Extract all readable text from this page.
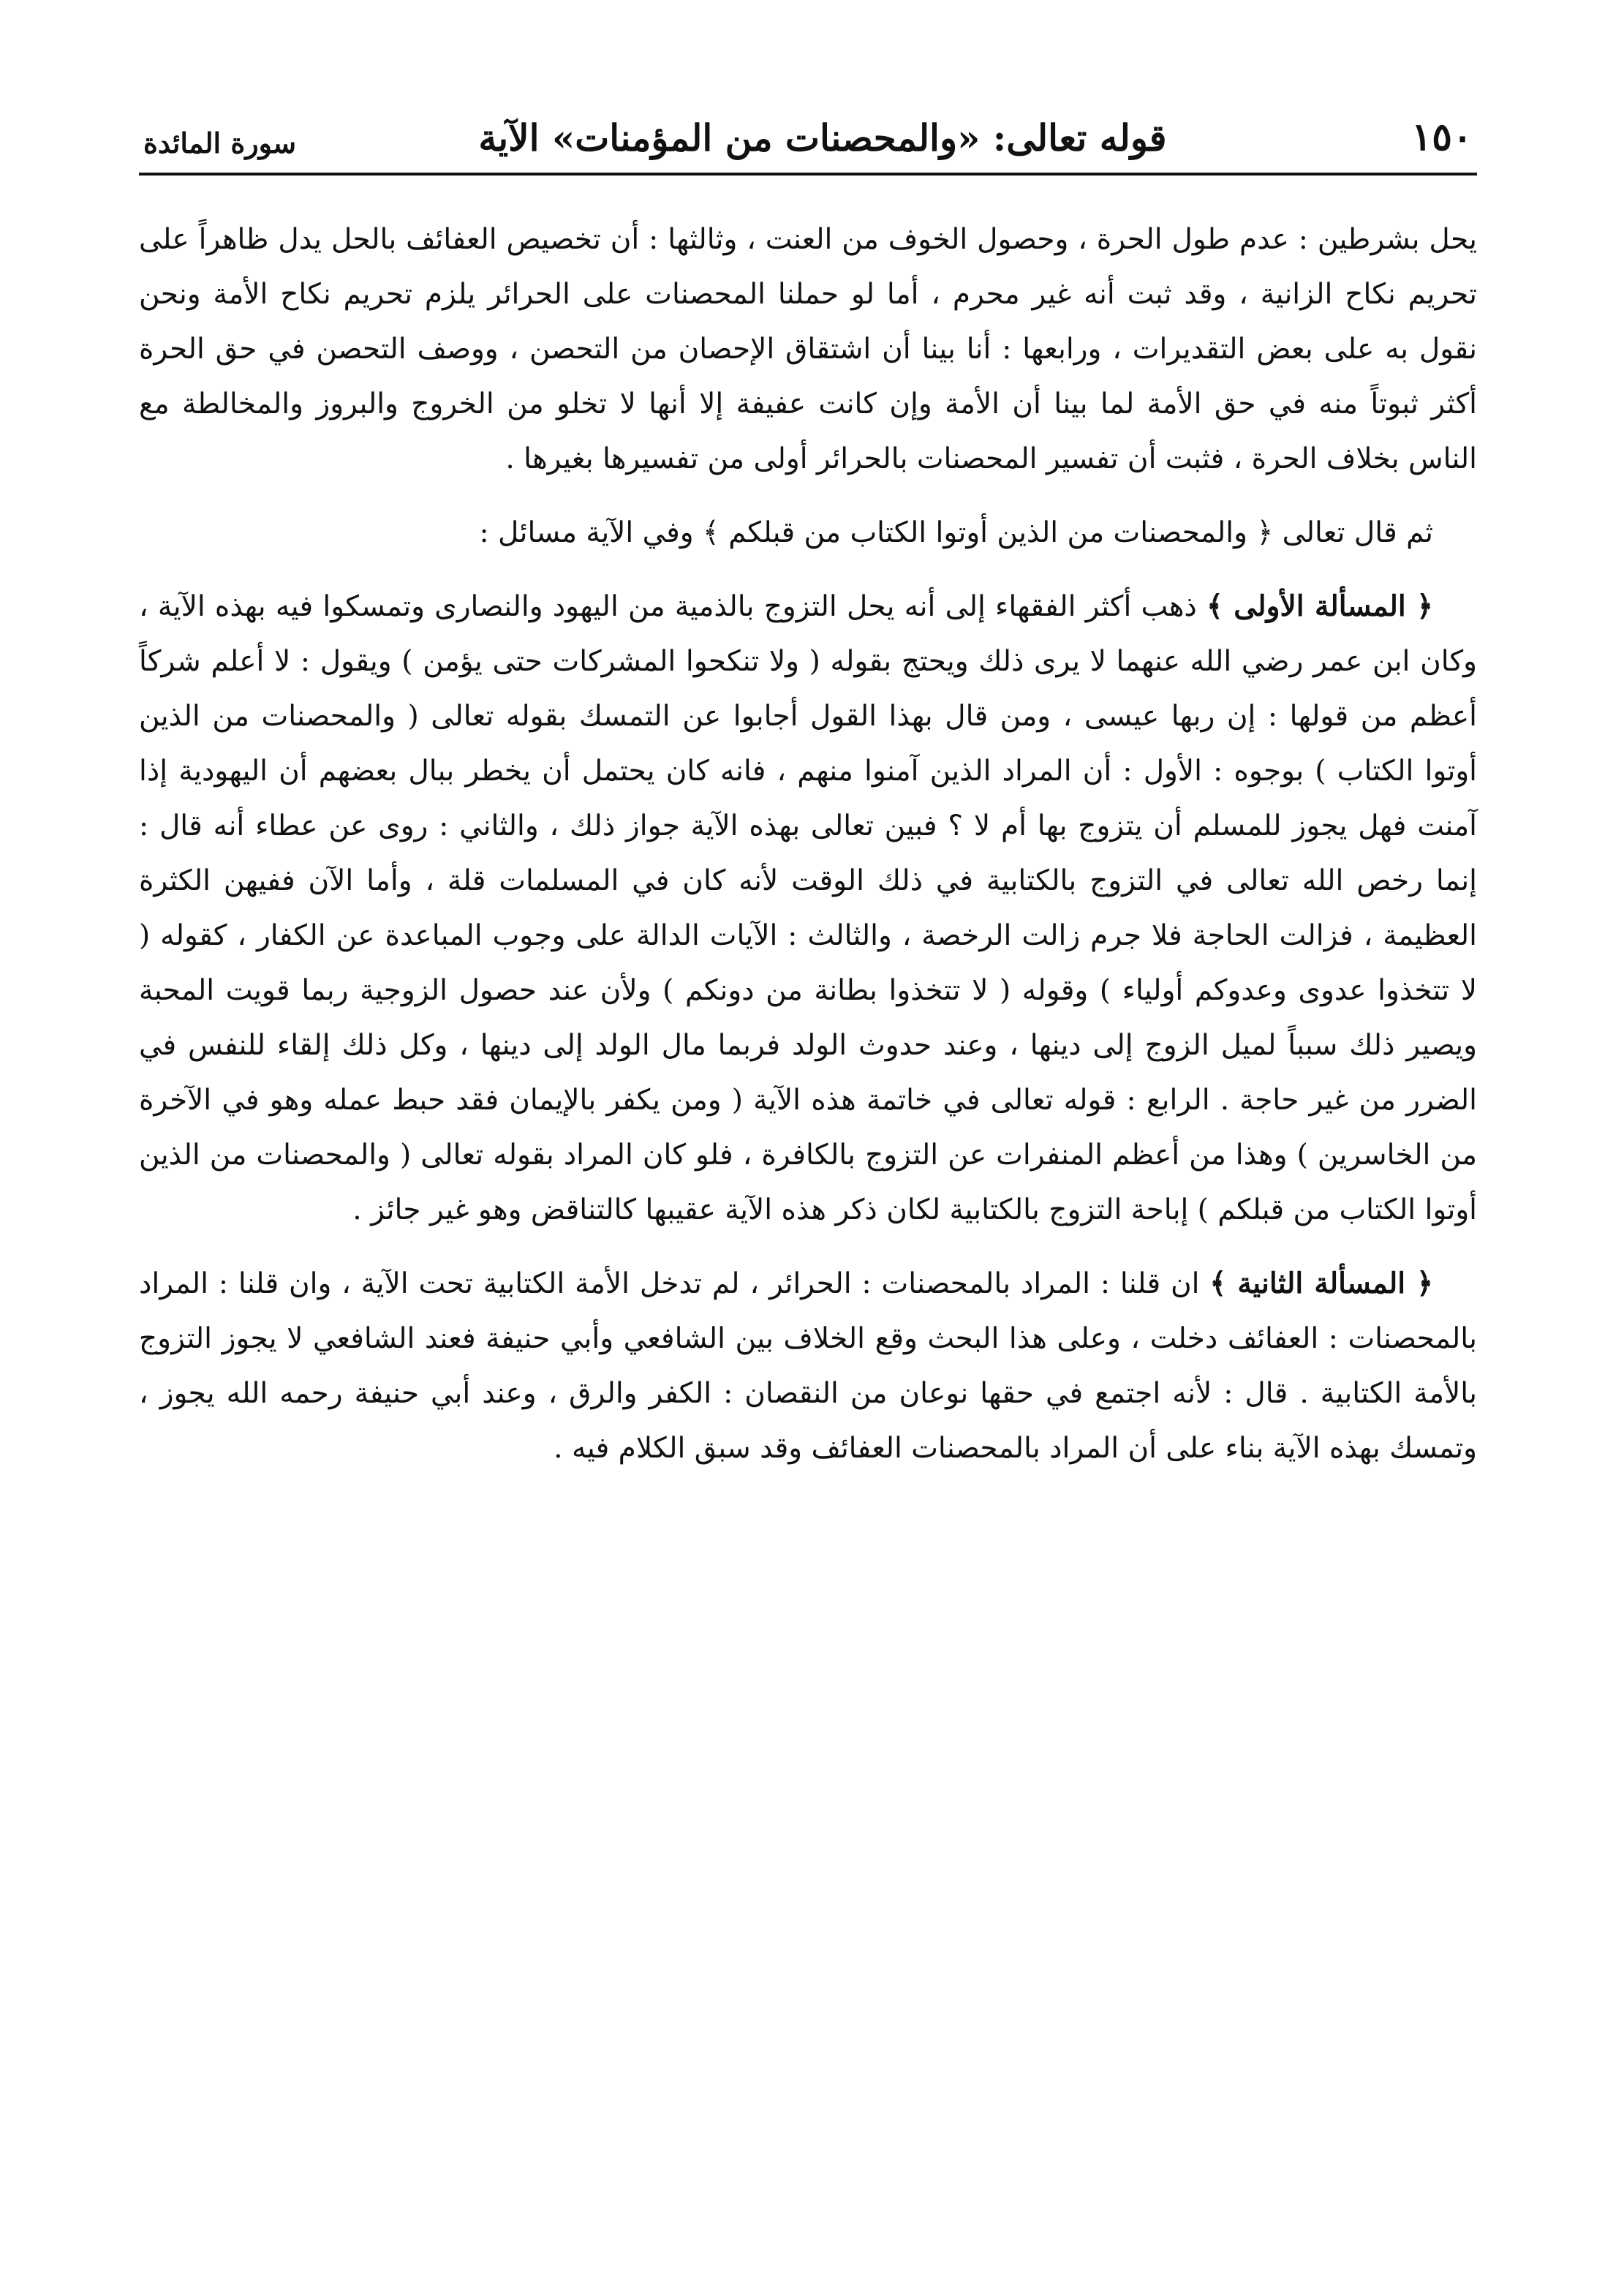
١٥٠
قوله تعالى: «والمحصنات من المؤمنات» الآية
سورة المائدة

يحل بشرطين : عدم طول الحرة ، وحصول الخوف من العنت ، وثالثها : أن تخصيص العفائف بالحل يدل ظاهراً على تحريم نكاح الزانية ، وقد ثبت أنه غير محرم ، أما لو حملنا المحصنات على الحرائر يلزم تحريم نكاح الأمة ونحن نقول به على بعض التقديرات ، ورابعها : أنا بينا أن اشتقاق الإحصان من التحصن ، ووصف التحصن في حق الحرة أكثر ثبوتاً منه في حق الأمة لما بينا أن الأمة وإن كانت عفيفة إلا أنها لا تخلو من الخروج والبروز والمخالطة مع الناس بخلاف الحرة ، فثبت أن تفسير المحصنات بالحرائر أولى من تفسيرها بغيرها .

ثم قال تعالى ﴿ والمحصنات من الذين أوتوا الكتاب من قبلكم ﴾ وفي الآية مسائل :

﴿ المسألة الأولى ﴾ ذهب أكثر الفقهاء إلى أنه يحل التزوج بالذمية من اليهود والنصارى وتمسكوا فيه بهذه الآية ، وكان ابن عمر رضي الله عنهما لا يرى ذلك ويحتج بقوله ( ولا تنكحوا المشركات حتى يؤمن ) ويقول : لا أعلم شركاً أعظم من قولها : إن ربها عيسى ، ومن قال بهذا القول أجابوا عن التمسك بقوله تعالى ( والمحصنات من الذين أوتوا الكتاب ) بوجوه : الأول : أن المراد الذين آمنوا منهم ، فانه كان يحتمل أن يخطر ببال بعضهم أن اليهودية إذا آمنت فهل يجوز للمسلم أن يتزوج بها أم لا ؟ فبين تعالى بهذه الآية جواز ذلك ، والثاني : روى عن عطاء أنه قال : إنما رخص الله تعالى في التزوج بالكتابية في ذلك الوقت لأنه كان في المسلمات قلة ، وأما الآن ففيهن الكثرة العظيمة ، فزالت الحاجة فلا جرم زالت الرخصة ، والثالث : الآيات الدالة على وجوب المباعدة عن الكفار ، كقوله ( لا تتخذوا عدوى وعدوكم أولياء ) وقوله ( لا تتخذوا بطانة من دونكم ) ولأن عند حصول الزوجية ربما قويت المحبة ويصير ذلك سبباً لميل الزوج إلى دينها ، وعند حدوث الولد فربما مال الولد إلى دينها ، وكل ذلك إلقاء للنفس في الضرر من غير حاجة . الرابع : قوله تعالى في خاتمة هذه الآية ( ومن يكفر بالإيمان فقد حبط عمله وهو في الآخرة من الخاسرين ) وهذا من أعظم المنفرات عن التزوج بالكافرة ، فلو كان المراد بقوله تعالى ( والمحصنات من الذين أوتوا الكتاب من قبلكم ) إباحة التزوج بالكتابية لكان ذكر هذه الآية عقيبها كالتناقض وهو غير جائز .

﴿ المسألة الثانية ﴾ ان قلنا : المراد بالمحصنات : الحرائر ، لم تدخل الأمة الكتابية تحت الآية ، وان قلنا : المراد بالمحصنات : العفائف دخلت ، وعلى هذا البحث وقع الخلاف بين الشافعي وأبي حنيفة فعند الشافعي لا يجوز التزوج بالأمة الكتابية . قال : لأنه اجتمع في حقها نوعان من النقصان : الكفر والرق ، وعند أبي حنيفة رحمه الله يجوز ، وتمسك بهذه الآية بناء على أن المراد بالمحصنات العفائف وقد سبق الكلام فيه .
